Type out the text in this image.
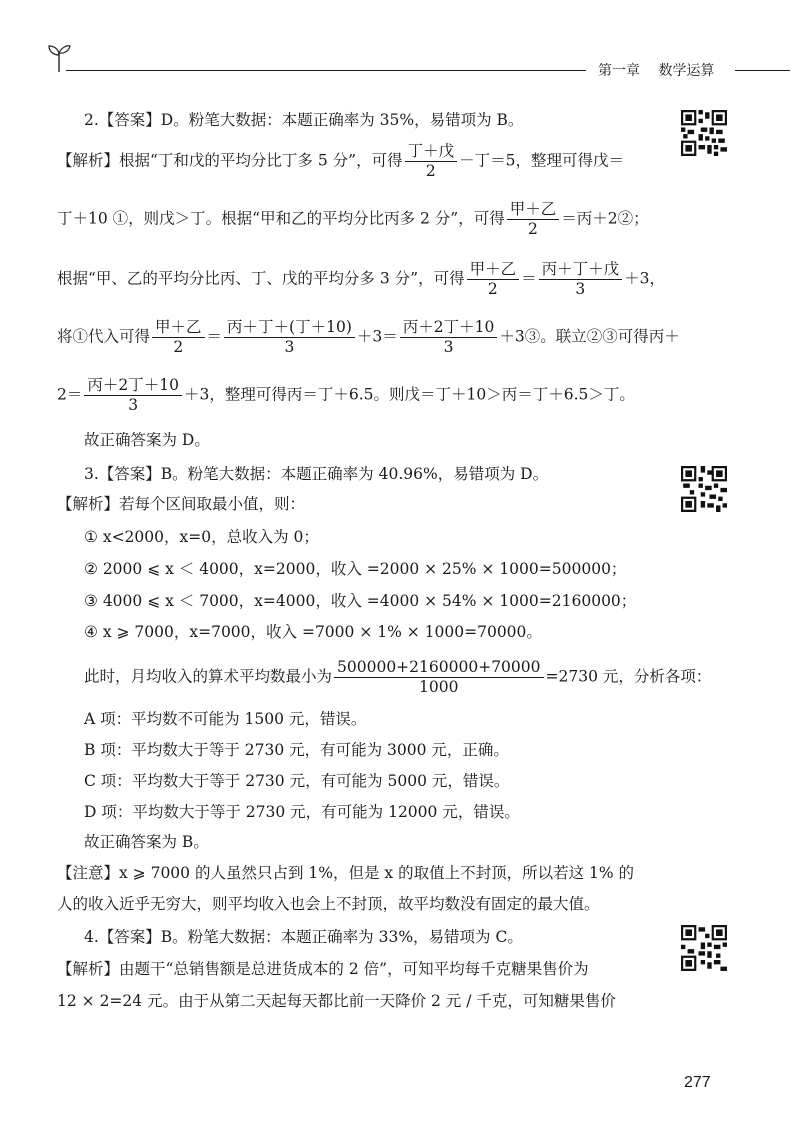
第一章 数学运算
2.【答案】D。粉笔大数据：本题正确率为 35%，易错项为 B。
【解析】根据“丁和戊的平均分比丁多 5 分”，可得 $\frac{\text{丁＋戊}}{2}$ －丁＝5，整理可得戊＝
丁＋10 ①，则戊＞丁。根据“甲和乙的平均分比丙多 2 分”，可得 $\frac{\text{甲＋乙}}{2}$ ＝丙＋2②；
根据“甲、乙的平均分比丙、丁、戊的平均分多 3 分”，可得 $\frac{\text{甲＋乙}}{2} = \frac{\text{丙＋丁＋戊}}{3} +3$，
将①代入可得 $\frac{\text{甲＋乙}}{2} = \frac{\text{丙＋丁＋(丁＋10)}}{3} +3= \frac{\text{丙＋2丁＋10}}{3}$ ＋3③。联立②③可得丙＋
$2= \frac{\text{丙＋2丁＋10}}{3} +3$，整理可得丙＝丁＋6.5。则戊＝丁＋10＞丙＝丁＋6.5＞丁。
故正确答案为 D。
3.【答案】B。粉笔大数据：本题正确率为 40.96%，易错项为 D。
【解析】若每个区间取最小值，则：
① x<2000，x=0，总收入为 0；
② 2000 ⩽ x ＜ 4000，x=2000，收入 =2000 × 25% × 1000=500000；
③ 4000 ⩽ x ＜ 7000，x=4000，收入 =4000 × 54% × 1000=2160000；
④ x ⩾ 7000，x=7000，收入 =7000 × 1% × 1000=70000。
此时，月均收入的算术平均数最小为 $\frac{500000+2160000+70000}{1000} =2730$ 元，分析各项：
A 项：平均数不可能为 1500 元，错误。
B 项：平均数大于等于 2730 元，有可能为 3000 元，正确。
C 项：平均数大于等于 2730 元，有可能为 5000 元，错误。
D 项：平均数大于等于 2730 元，有可能为 12000 元，错误。
故正确答案为 B。
【注意】x ⩾ 7000 的人虽然只占到 1%，但是 x 的取值上不封顶，所以若这 1% 的
人的收入近乎无穷大，则平均收入也会上不封顶，故平均数没有固定的最大值。
4.【答案】B。粉笔大数据：本题正确率为 33%，易错项为 C。
【解析】由题干“总销售额是总进货成本的 2 倍”，可知平均每千克糖果售价为
12 × 2=24 元。由于从第二天起每天都比前一天降价 2 元 / 千克，可知糖果售价
277
